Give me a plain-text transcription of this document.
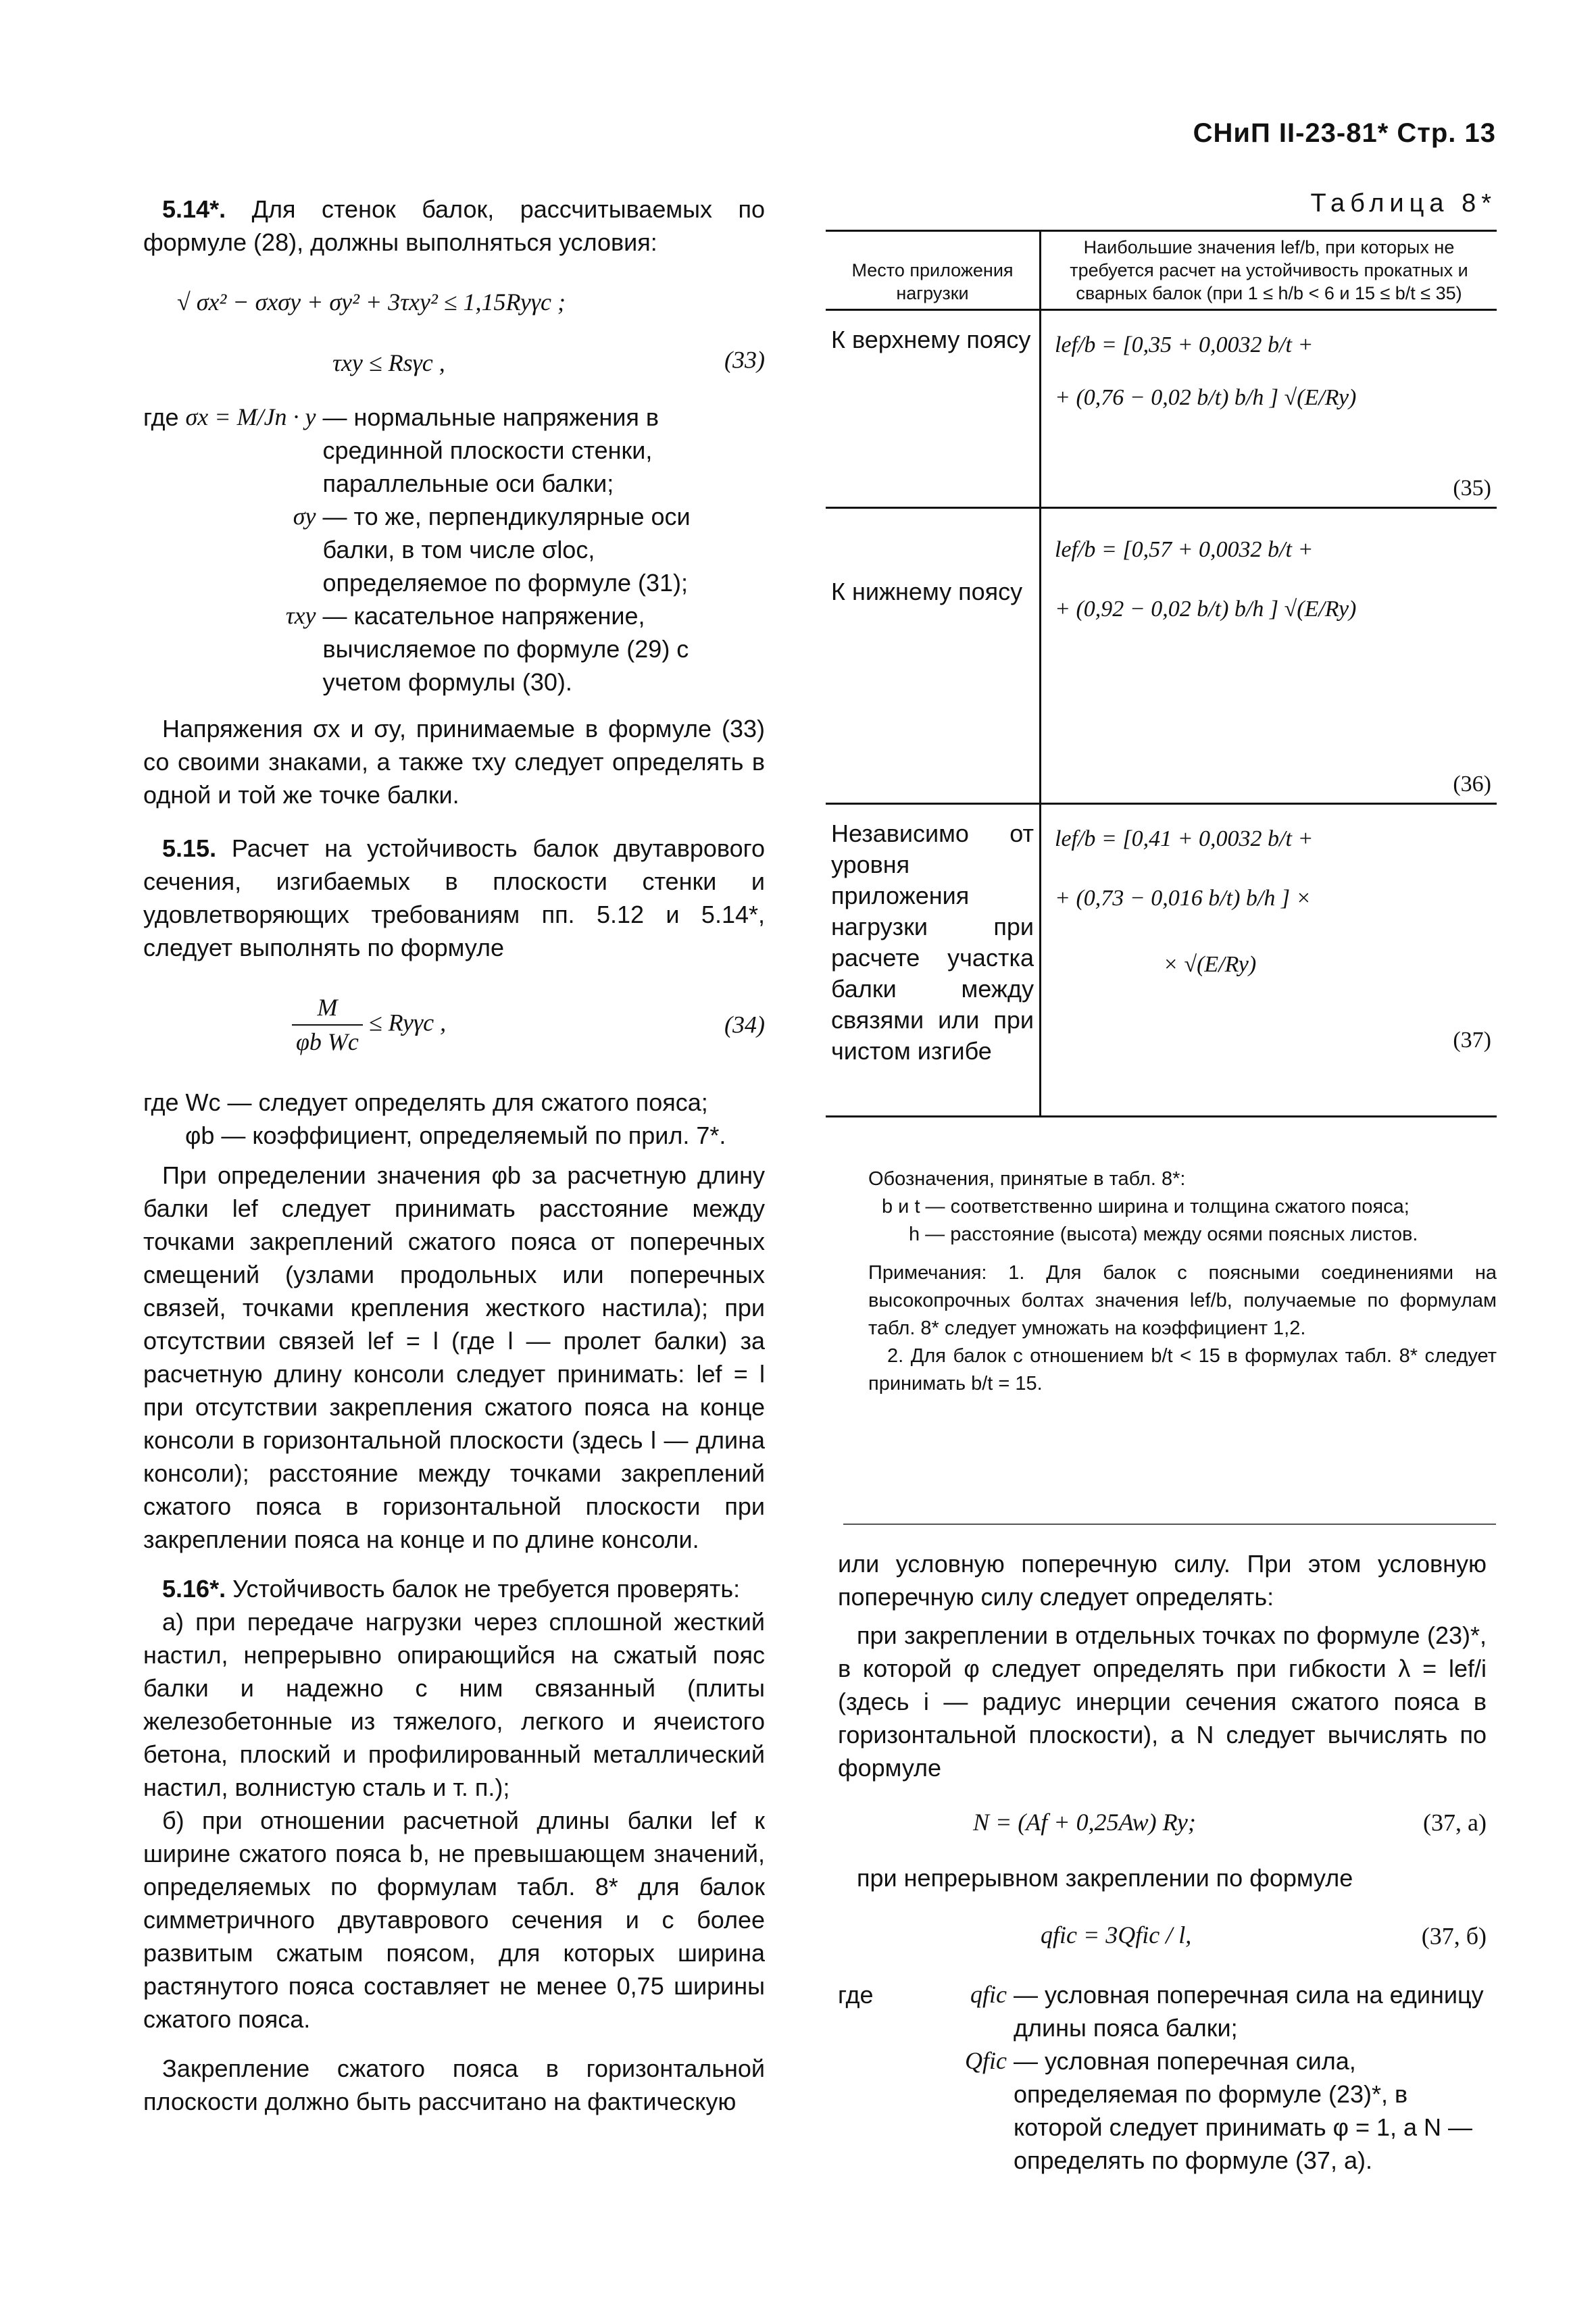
СНиП II-23-81* Стр. 13

5.14*. Для стенок балок, рассчитываемых по формуле (28), должны выполняться условия:

√ σx² − σxσy + σy² + 3τxy² ≤ 1,15Ryγc ;
τxy ≤ Rsγc ,	(33)
где σx = M/Jn · y — нормальные напряжения в срединной плоскости стенки, параллельные оси балки;
σy — то же, перпендикулярные оси балки, в том числе σloc, определяемое по формуле (31);
τxy — касательное напряжение, вычисляемое по формуле (29) с учетом формулы (30).

Напряжения σx и σy, принимаемые в формуле (33) со своими знаками, а также τxy следует определять в одной и той же точке балки.

5.15. Расчет на устойчивость балок двутаврового сечения, изгибаемых в плоскости стенки и удовлетворяющих требованиям пп. 5.12 и 5.14*, следует выполнять по формуле

$\frac{M}{\text{φb Wc}} \le Ry\gamma c$ ,	(34)

где Wc — следует определять для сжатого пояса;

φb — коэффициент, определяемый по прил. 7*.

При определении значения φb за расчетную длину балки lef следует принимать расстояние между точками закреплений сжатого пояса от поперечных смещений (узлами продольных или поперечных связей, точками крепления жесткого настила); при отсутствии связей lef = l (где l — пролет балки) за расчетную длину консоли следует принимать: lef = l при отсутствии закрепления сжатого пояса на конце консоли в горизонтальной плоскости (здесь l — длина консоли); расстояние между точками закреплений сжатого пояса в горизонтальной плоскости при закреплении пояса на конце и по длине консоли.

5.16*. Устойчивость балок не требуется проверять:

а) при передаче нагрузки через сплошной жесткий настил, непрерывно опирающийся на сжатый пояс балки и надежно с ним связанный (плиты железобетонные из тяжелого, легкого и ячеистого бетона, плоский и профилированный металлический настил, волнистую сталь и т. п.);

б) при отношении расчетной длины балки lef к ширине сжатого пояса b, не превышающем значений, определяемых по формулам табл. 8* для балок симметричного двутаврового сечения и с более развитым сжатым поясом, для которых ширина растянутого пояса составляет не менее 0,75 ширины сжатого пояса.

Закрепление сжатого пояса в горизонтальной плоскости должно быть рассчитано на фактическую

Таблица 8*
Место приложения нагрузки	Наибольшие значения lef/b, при которых не требуется расчет на устойчивость прокатных и сварных балок (при 1 ≤ h/b < 6 и 15 ≤ b/t ≤ 35)
К верхнему поясу	lef/b = [0,35 + 0,0032 b/t +
+ (0,76 − 0,02 b/t) b/h ] √(E/Ry)
(35)

К нижнему поясу	lef/b = [0,57 + 0,0032 b/t +
+ (0,92 − 0,02 b/t) b/h ] √(E/Ry)
(36)

Независимо от уровня приложения нагрузки при расчете участка балки между связями или при чистом изгибе	lef/b = [0,41 + 0,0032 b/t +
+ (0,73 − 0,016 b/t) b/h ] ×
× √(E/Ry)
(37)

Обозначения, принятые в табл. 8*:

b и t — соответственно ширина и толщина сжатого пояса;

h — расстояние (высота) между осями поясных листов.

Примечания: 1. Для балок с поясными соединениями на высокопрочных болтах значения lef/b, получаемые по формулам табл. 8* следует умножать на коэффициент 1,2.

2. Для балок с отношением b/t < 15 в формулах табл. 8* следует принимать b/t = 15.

или условную поперечную силу. При этом условную поперечную силу следует определять:

при закреплении в отдельных точках по формуле (23)*, в которой φ следует определять при гибкости λ = lef/i (здесь i — радиус инерции сечения сжатого пояса в горизонтальной плоскости), а N следует вычислять по формуле

N = (Af + 0,25Aw) Ry;	(37, а)

при непрерывном закреплении по формуле

qfic = 3Qfic / l,	(37, б)
где	qfic — условная поперечная сила на единицу длины пояса балки;
Qfic — условная поперечная сила, определяемая по формуле (23)*, в которой следует принимать φ = 1, а N — определять по формуле (37, а).
